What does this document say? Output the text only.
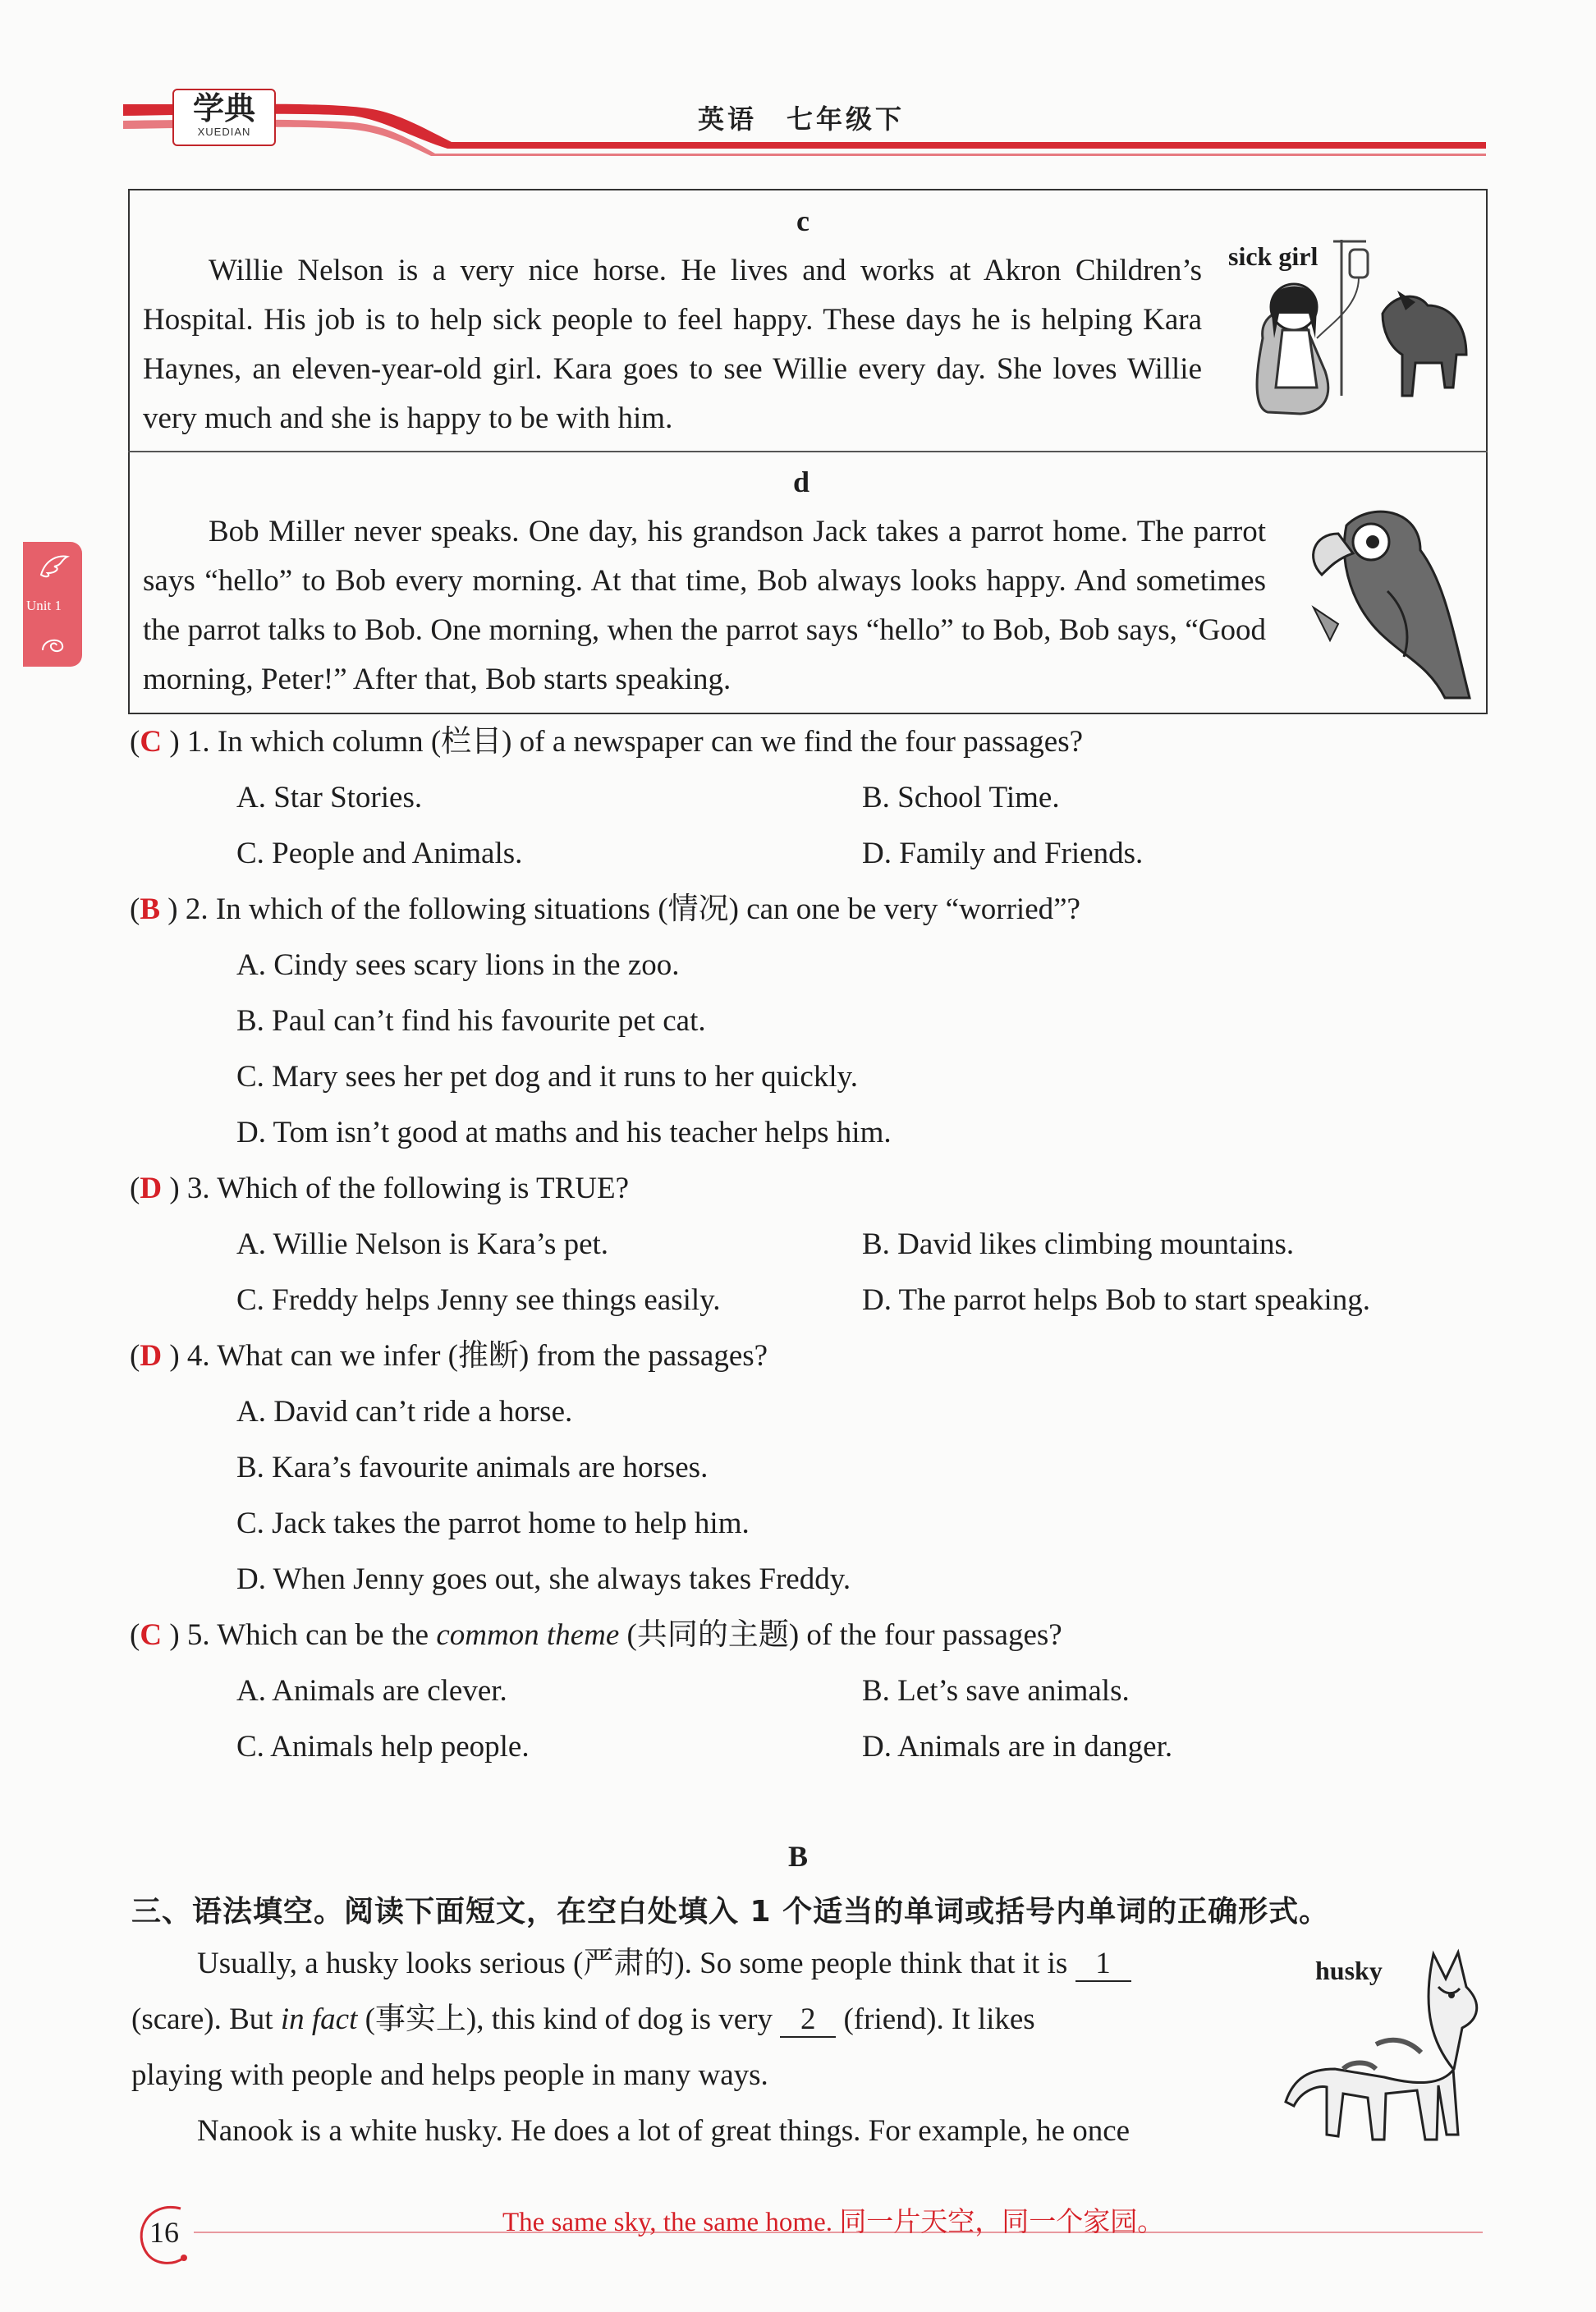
学典
XUEDIAN	英语　七年级下
Unit 1
c
Willie Nelson is a very nice horse. He lives and works at Akron Children’s Hospital. His job is to help sick people to feel happy. These days he is helping Kara Haynes, an eleven-year-old girl. Kara goes to see Willie every day. She loves Willie very much and she is happy to be with him.
sick girl
d
Bob Miller never speaks. One day, his grandson Jack takes a parrot home. The parrot says “hello” to Bob every morning. At that time, Bob always looks happy. And sometimes the parrot talks to Bob. One morning, when the parrot says “hello” to Bob, Bob says, “Good morning, Peter!” After that, Bob starts speaking.
(C ) 1. In which column (栏目) of a newspaper can we find the four passages?
A. Star Stories.	B. School Time.
C. People and Animals.	D. Family and Friends.
(B ) 2. In which of the following situations (情况) can one be very “worried”?
A. Cindy sees scary lions in the zoo.
B. Paul can’t find his favourite pet cat.
C. Mary sees her pet dog and it runs to her quickly.
D. Tom isn’t good at maths and his teacher helps him.
(D ) 3. Which of the following is TRUE?
A. Willie Nelson is Kara’s pet.	B. David likes climbing mountains.
C. Freddy helps Jenny see things easily.	D. The parrot helps Bob to start speaking.
(D ) 4. What can we infer (推断) from the passages?
A. David can’t ride a horse.
B. Kara’s favourite animals are horses.
C. Jack takes the parrot home to help him.
D. When Jenny goes out, she always takes Freddy.
(C ) 5. Which can be the common theme (共同的主题) of the four passages?
A. Animals are clever.	B. Let’s save animals.
C. Animals help people.	D. Animals are in danger.
B
三、语法填空。阅读下面短文，在空白处填入 1 个适当的单词或括号内单词的正确形式。
Usually, a husky looks serious (严肃的). So some people think that it is 1
(scare). But in fact (事实上), this kind of dog is very 2 (friend). It likes
playing with people and helps people in many ways.
Nanook is a white husky. He does a lot of great things. For example, he once
husky
16	The same sky, the same home. 同一片天空，同一个家园。
